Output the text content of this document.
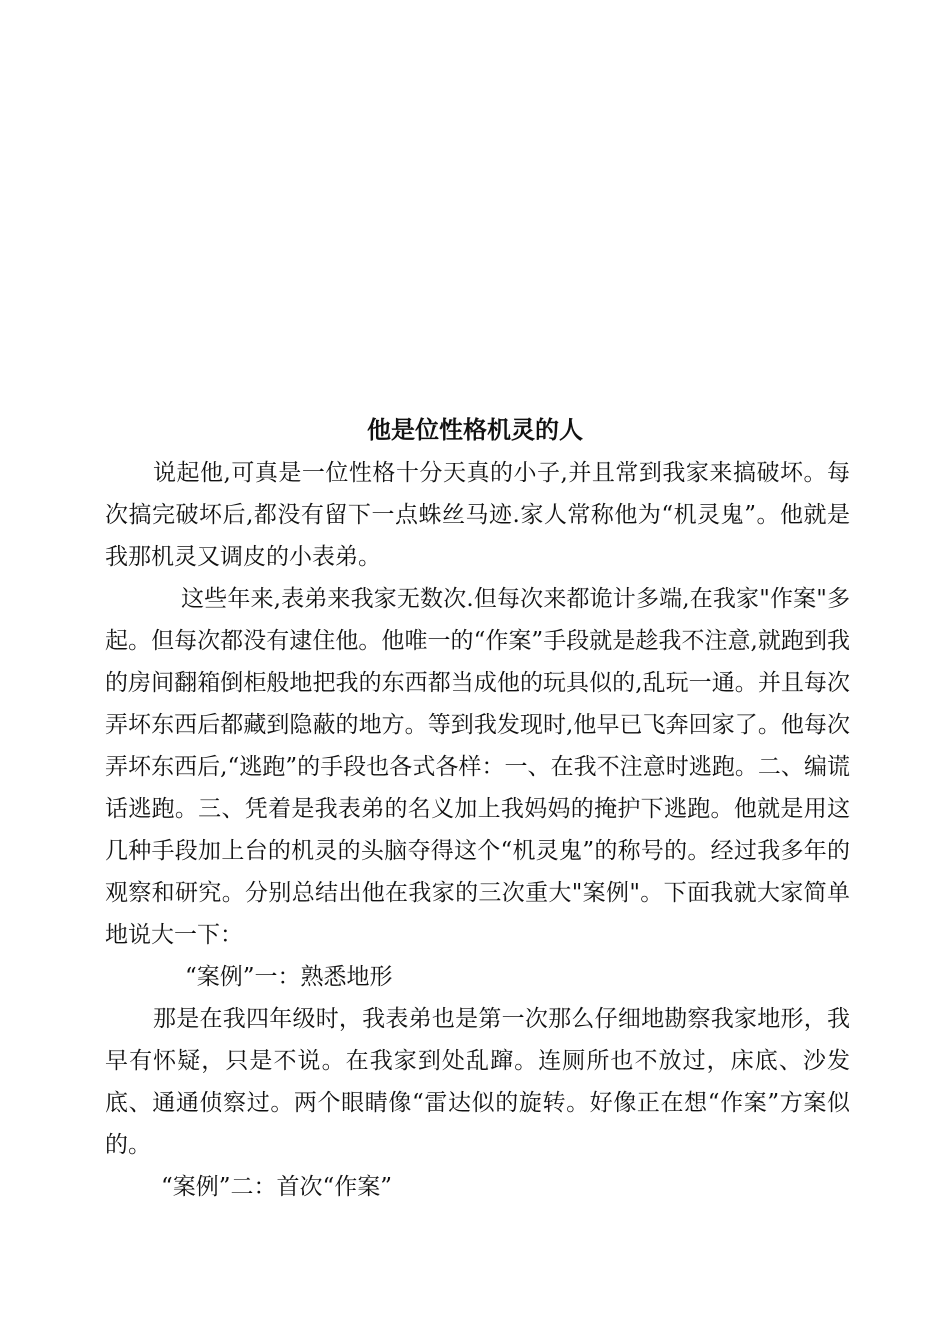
他是位性格机灵的人

说起他,可真是一位性格十分天真的小子,并且常到我家来搞破坏。每次搞完破坏后,都没有留下一点蛛丝马迹.家人常称他为“机灵鬼”。他就是我那机灵又调皮的小表弟。

这些年来,表弟来我家无数次.但每次来都诡计多端,在我家"作案"多起。但每次都没有逮住他。他唯一的“作案”手段就是趁我不注意,就跑到我的房间翻箱倒柜般地把我的东西都当成他的玩具似的,乱玩一通。并且每次弄坏东西后都藏到隐蔽的地方。等到我发现时,他早已飞奔回家了。他每次弄坏东西后,“逃跑”的手段也各式各样：一、在我不注意时逃跑。二、编谎话逃跑。三、凭着是我表弟的名义加上我妈妈的掩护下逃跑。他就是用这几种手段加上台的机灵的头脑夺得这个“机灵鬼”的称号的。经过我多年的观察和研究。分别总结出他在我家的三次重大"案例"。下面我就大家简单地说大一下：

“案例”一：熟悉地形

那是在我四年级时，我表弟也是第一次那么仔细地勘察我家地形，我早有怀疑，只是不说。在我家到处乱蹿。连厕所也不放过，床底、沙发底、通通侦察过。两个眼睛像“雷达似的旋转。好像正在想“作案”方案似的。

“案例”二：首次“作案”
